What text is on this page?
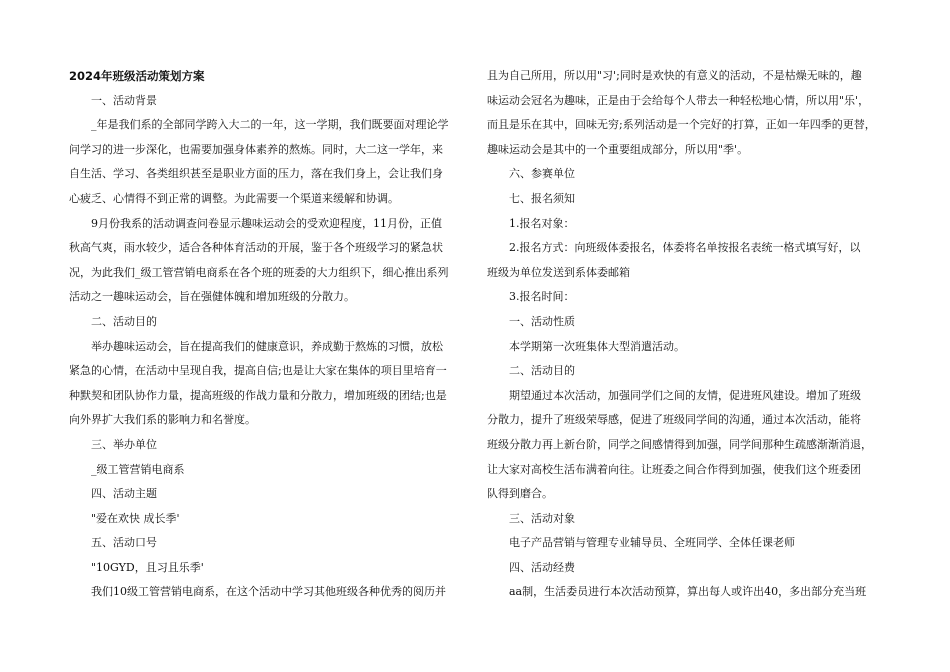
2024年班级活动策划方案

一、活动背景

_年是我们系的全部同学跨入大二的一年，这一学期，我们既要面对理论学

问学习的进一步深化，也需要加强身体素养的熬炼。同时，大二这一学年，来

自生活、学习、各类组织甚至是职业方面的压力，落在我们身上，会让我们身

心疲乏、心情得不到正常的调整。为此需要一个渠道来缓解和协调。

9月份我系的活动调查问卷显示趣味运动会的受欢迎程度，11月份，正值

秋高气爽，雨水较少，适合各种体育活动的开展，鉴于各个班级学习的紧急状

况，为此我们_级工管营销电商系在各个班的班委的大力组织下，细心推出系列

活动之一趣味运动会，旨在强健体魄和增加班级的分散力。

二、活动目的

举办趣味运动会，旨在提高我们的健康意识，养成勤于熬炼的习惯，放松

紧急的心情，在活动中呈现自我，提高自信;也是让大家在集体的项目里培育一

种默契和团队协作力量，提高班级的作战力量和分散力，增加班级的团结;也是

向外界扩大我们系的影响力和名誉度。

三、举办单位

_级工管营销电商系

四、活动主题

"爱在欢快 成长季'

五、活动口号

"10GYD，且习且乐季'

我们10级工管营销电商系，在这个活动中学习其他班级各种优秀的阅历并

且为自己所用，所以用"习';同时是欢快的有意义的活动，不是枯燥无味的，趣

味运动会冠名为趣味，正是由于会给每个人带去一种轻松地心情，所以用"乐'，

而且是乐在其中，回味无穷;系列活动是一个完好的打算，正如一年四季的更替，

趣味运动会是其中的一个重要组成部分，所以用"季'。

六、参赛单位

七、报名须知

1.报名对象：

2.报名方式：向班级体委报名，体委将名单按报名表统一格式填写好，以

班级为单位发送到系体委邮箱

3.报名时间：

一、活动性质

本学期第一次班集体大型消遣活动。

二、活动目的

期望通过本次活动，加强同学们之间的友情，促进班风建设。增加了班级

分散力，提升了班级荣辱感，促进了班级同学间的沟通，通过本次活动，能将

班级分散力再上新台阶，同学之间感情得到加强，同学间那种生疏感渐渐消退，

让大家对高校生活布满着向往。让班委之间合作得到加强，使我们这个班委团

队得到磨合。

三、活动对象

电子产品营销与管理专业辅导员、全班同学、全体任课老师

四、活动经费

aa制，生活委员进行本次活动预算，算出每人或许出40，多出部分充当班
